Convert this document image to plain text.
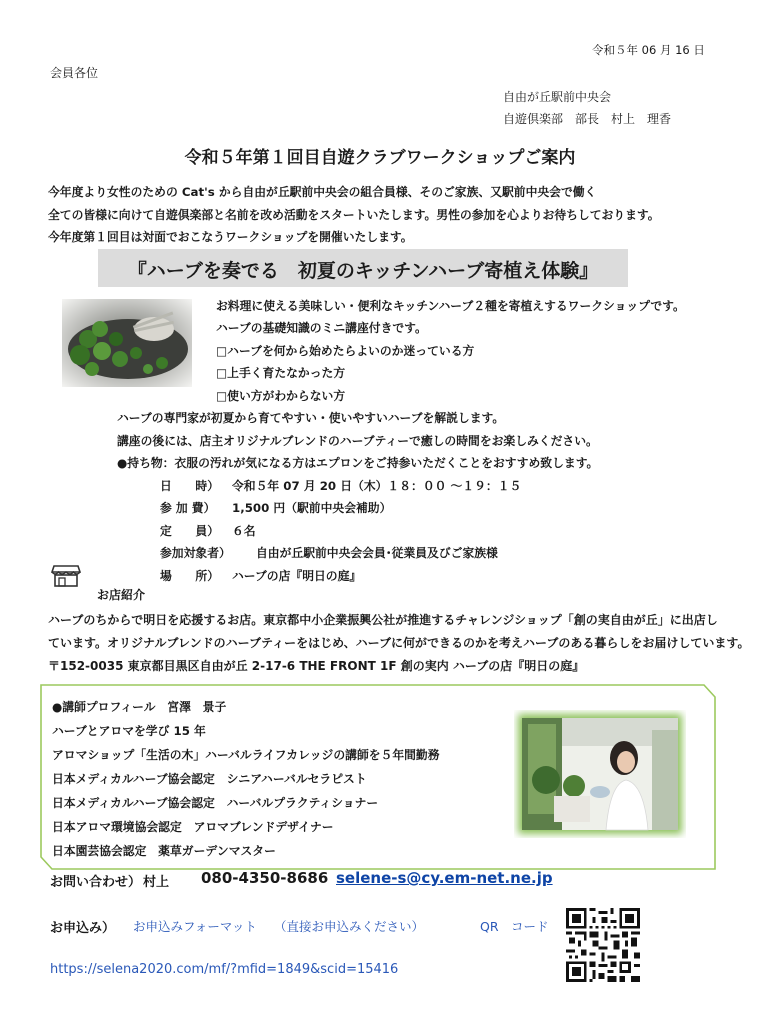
令和５年 06 月 16 日
会員各位
自由が丘駅前中央会
自遊倶楽部　部長　村上　理香
令和５年第１回目自遊クラブワークショップご案内
今年度より女性のための Cat's から自由が丘駅前中央会の組合員様、そのご家族、又駅前中央会で働く
全ての皆様に向けて自遊倶楽部と名前を改め活動をスタートいたします。男性の参加を心よりお待ちしております。
今年度第１回目は対面でおこなうワークショップを開催いたします。
『ハーブを奏でる　初夏のキッチンハーブ寄植え体験』
お料理に使える美味しい・便利なキッチンハーブ２種を寄植えするワークショップです。
ハーブの基礎知識のミニ講座付きです。
□ハーブを何から始めたらよいのか迷っている方
□上手く育たなかった方
□使い方がわからない方
ハーブの専門家が初夏から育てやすい・使いやすいハーブを解説します。
講座の後には、店主オリジナルブレンドのハーブティーで癒しの時間をお楽しみください。
●持ち物：衣服の汚れが気になる方はエプロンをご持参いただくことをおすすめ致します。
日　　時） 令和５年 07 月 20 日（木）１８：００ ～１９：１５
参 加 費） 1,500 円（駅前中央会補助）
定　　員） ６名
参加対象者） 自由が丘駅前中央会会員･従業員及びご家族様
場　　所） ハーブの店『明日の庭』
お店紹介
ハーブのちからで明日を応援するお店。東京都中小企業振興公社が推進するチャレンジショップ「創の実自由が丘」に出店し
ています。オリジナルブレンドのハーブティーをはじめ、ハーブに何ができるのかを考えハーブのある暮らしをお届けしています。
〒152-0035 東京都目黒区自由が丘 2-17-6 THE FRONT 1F 創の実内 ハーブの店『明日の庭』
●講師プロフィール　宮澤　景子
ハーブとアロマを学び 15 年
アロマショップ「生活の木」ハーバルライフカレッジの講師を５年間勤務
日本メディカルハーブ協会認定　シニアハーバルセラピスト
日本メディカルハーブ協会認定　ハーバルプラクティショナー
日本アロマ環境協会認定　アロマブレンドデザイナー
日本園芸協会認定　薬草ガーデンマスター
お問い合わせ） 村上 080-4350-8686 selene-s@cy.em-net.ne.jp
お申込み） お申込みフォーマット （直接お申込みください）	QR　コード
https://selena2020.com/mf/?mfid=1849&scid=15416
